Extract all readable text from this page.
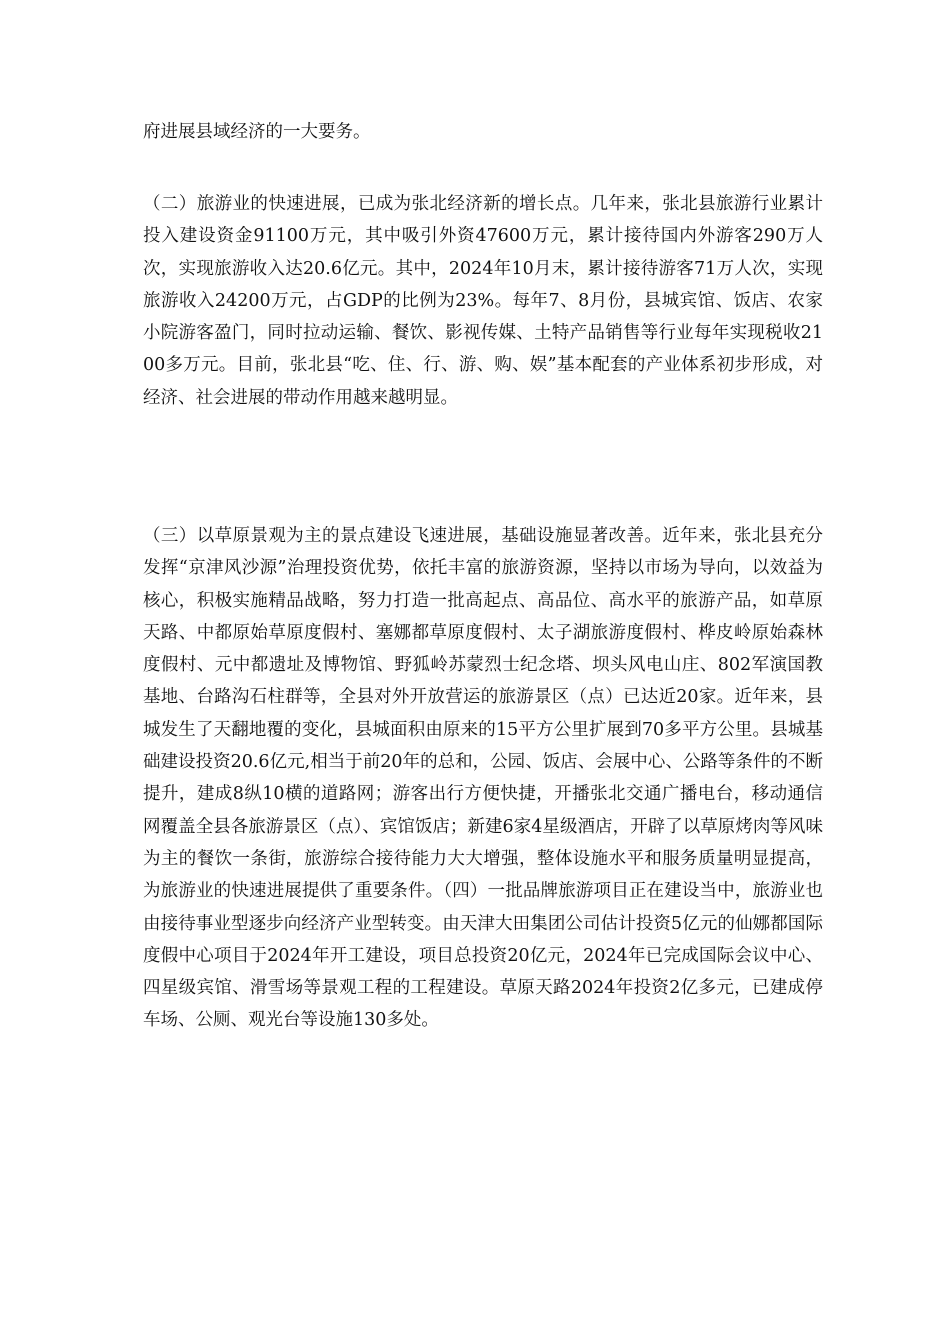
府进展县域经济的一大要务。

（二）旅游业的快速进展，已成为张北经济新的增长点。几年来，张北县旅游行业累计投入建设资金91100万元，其中吸引外资47600万元，累计接待国内外游客290万人次，实现旅游收入达20.6亿元。其中，2024年10月末，累计接待游客71万人次，实现旅游收入24200万元，占GDP的比例为23%。每年7、8月份，县城宾馆、饭店、农家小院游客盈门，同时拉动运输、餐饮、影视传媒、土特产品销售等行业每年实现税收2100多万元。目前，张北县“吃、住、行、游、购、娱”基本配套的产业体系初步形成，对经济、社会进展的带动作用越来越明显。

（三）以草原景观为主的景点建设飞速进展，基础设施显著改善。近年来，张北县充分发挥“京津风沙源”治理投资优势，依托丰富的旅游资源，坚持以市场为导向，以效益为核心，积极实施精品战略，努力打造一批高起点、高品位、高水平的旅游产品，如草原天路、中都原始草原度假村、塞娜都草原度假村、太子湖旅游度假村、桦皮岭原始森林度假村、元中都遗址及博物馆、野狐岭苏蒙烈士纪念塔、坝头风电山庄、802军演国教基地、台路沟石柱群等，全县对外开放营运的旅游景区（点）已达近20家。近年来，县城发生了天翻地覆的变化，县城面积由原来的15平方公里扩展到70多平方公里。县城基础建设投资20.6亿元,相当于前20年的总和，公园、饭店、会展中心、公路等条件的不断提升，建成8纵10横的道路网；游客出行方便快捷，开播张北交通广播电台，移动通信网覆盖全县各旅游景区（点）、宾馆饭店；新建6家4星级酒店，开辟了以草原烤肉等风味为主的餐饮一条街，旅游综合接待能力大大增强，整体设施水平和服务质量明显提高，为旅游业的快速进展提供了重要条件。（四）一批品牌旅游项目正在建设当中，旅游业也由接待事业型逐步向经济产业型转变。由天津大田集团公司估计投资5亿元的仙娜都国际度假中心项目于2024年开工建设，项目总投资20亿元，2024年已完成国际会议中心、四星级宾馆、滑雪场等景观工程的工程建设。草原天路2024年投资2亿多元，已建成停车场、公厕、观光台等设施130多处。
